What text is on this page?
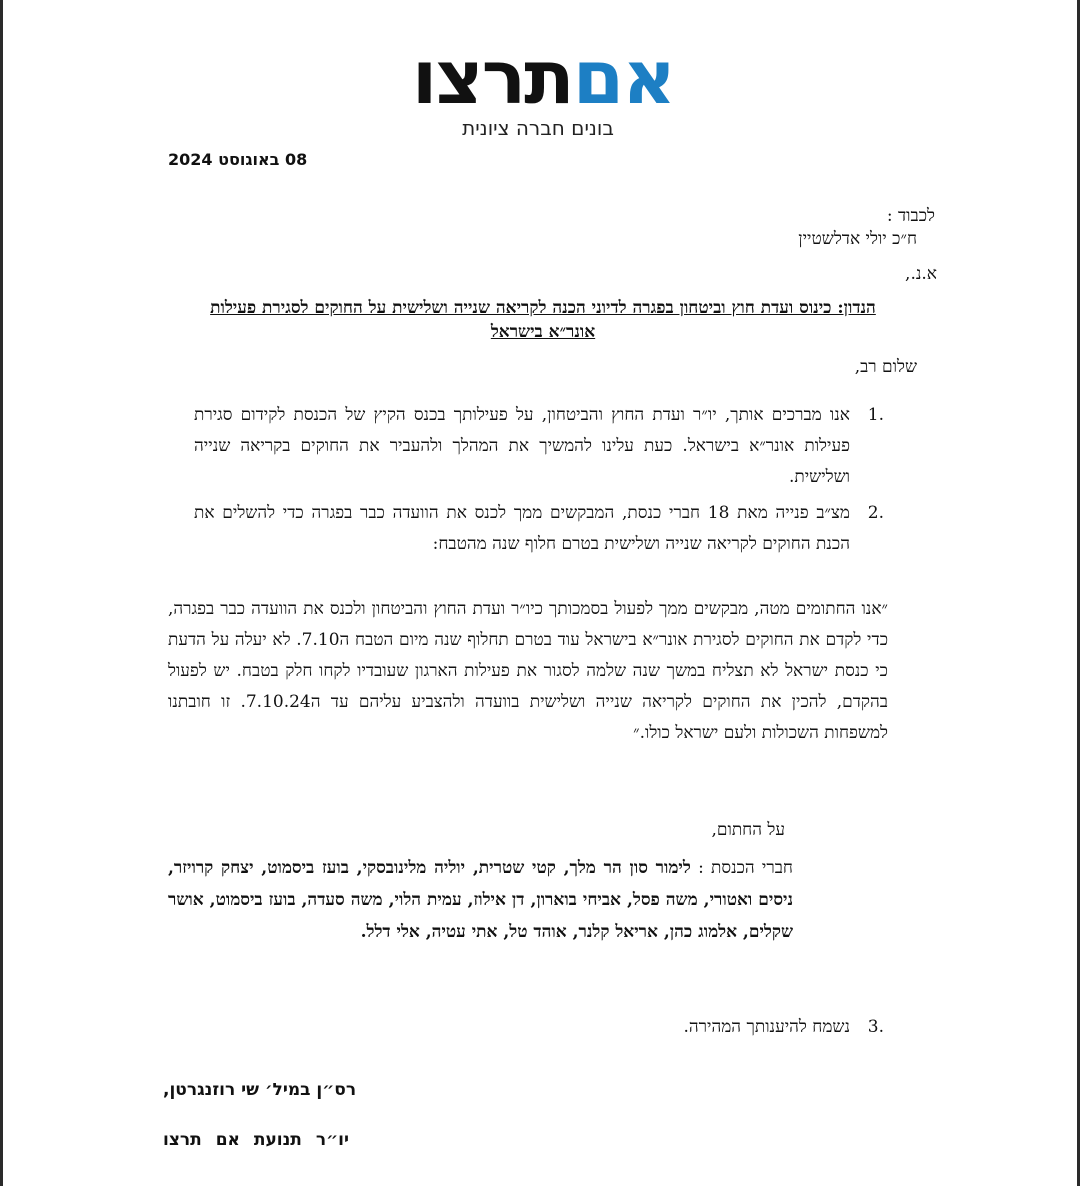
אםתרצו
בונים חברה ציונית
08 באוגוסט 2024
לכבוד :
ח״כ יולי אדלשטיין
א.נ.,
הנדון: כינוס ועדת חוץ וביטחון בפגרה לדיוני הכנה לקריאה שנייה ושלישית על החוקים לסגירת פעילות אונר״א בישראל
שלום רב,
.1
אנו מברכים אותך, יו״ר ועדת החוץ והביטחון, על פעילותך בכנס הקיץ של הכנסת לקידום סגירת פעילות אונר״א בישראל. כעת עלינו להמשיך את המהלך ולהעביר את החוקים בקריאה שנייה ושלישית.
.2
מצ״ב פנייה מאת 18 חברי כנסת, המבקשים ממך לכנס את הוועדה כבר בפגרה כדי להשלים את הכנת החוקים לקריאה שנייה ושלישית בטרם חלוף שנה מהטבח:
״אנו החתומים מטה, מבקשים ממך לפעול בסמכותך כיו״ר ועדת החוץ והביטחון ולכנס את הוועדה כבר בפגרה, כדי לקדם את החוקים לסגירת אונר״א בישראל עוד בטרם תחלוף שנה מיום הטבח ה7.10. לא יעלה על הדעת כי כנסת ישראל לא תצליח במשך שנה שלמה לסגור את פעילות הארגון שעובדיו לקחו חלק בטבח. יש לפעול בהקדם, להכין את החוקים לקריאה שנייה ושלישית בוועדה ולהצביע עליהם עד ה7.10.24. זו חובתנו למשפחות השכולות ולעם ישראל כולו.״
על החתום,
חברי הכנסת : לימור סון הר מלך, קטי שטרית, יוליה מלינובסקי, בועז ביסמוט, יצחק קרויזר, ניסים ואטורי, משה פסל, אביחי בוארון, דן אילוז, עמית הלוי, משה סעדה, בועז ביסמוט, אושר שקלים, אלמוג כהן, אריאל קלנר, אוהד טל, אתי עטיה, אלי דלל.
.3
נשמח להיענותך המהירה.
רס״ן במיל׳ שי רוזנגרטן,
יו״ר תנועת אם תרצו
